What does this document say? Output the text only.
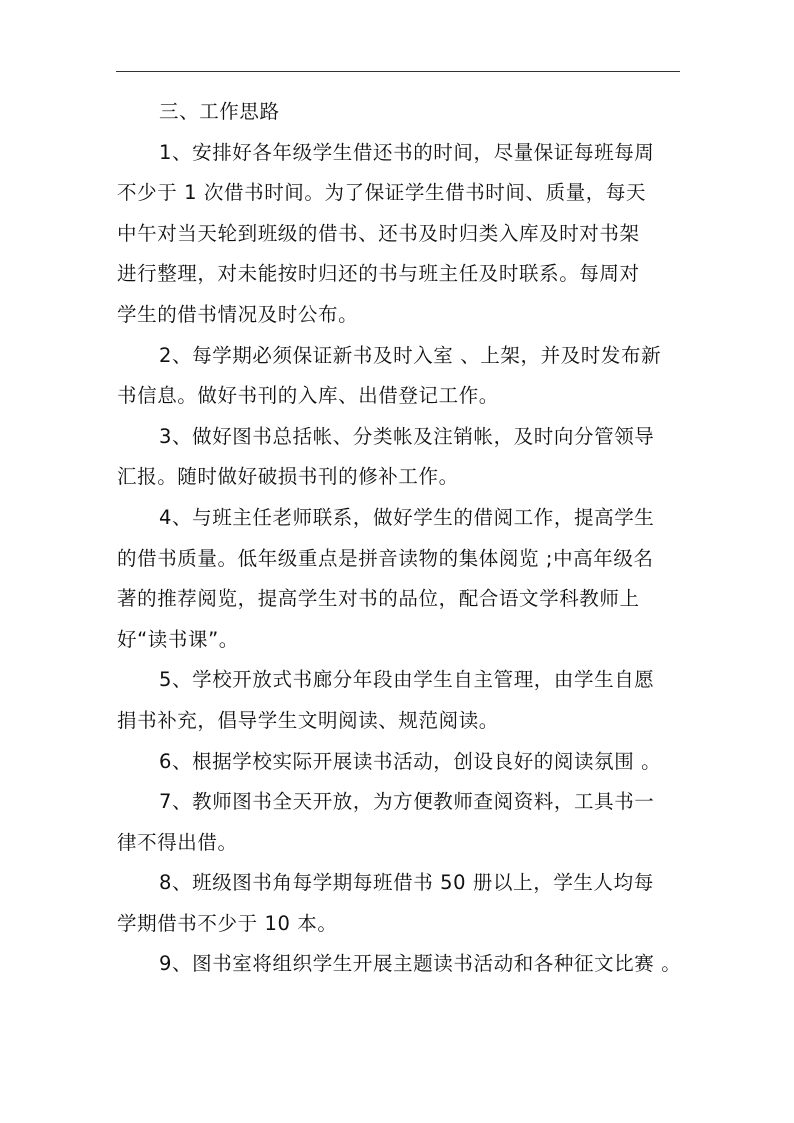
三、工作思路
1、安排好各年级学生借还书的时间，尽量保证每班每周
不少于 1 次借书时间。为了保证学生借书时间、质量，每天
中午对当天轮到班级的借书、还书及时归类入库及时对书架
进行整理，对未能按时归还的书与班主任及时联系。每周对
学生的借书情况及时公布。
2、每学期必须保证新书及时入室 、上架，并及时发布新
书信息。做好书刊的入库、出借登记工作。
3、做好图书总括帐、分类帐及注销帐，及时向分管领导
汇报。随时做好破损书刊的修补工作。
4、与班主任老师联系，做好学生的借阅工作，提高学生
的借书质量。低年级重点是拼音读物的集体阅览 ;中高年级名
著的推荐阅览，提高学生对书的品位，配合语文学科教师上
好“读书课”。
5、学校开放式书廊分年段由学生自主管理，由学生自愿
捐书补充，倡导学生文明阅读、规范阅读。
6、根据学校实际开展读书活动，创设良好的阅读氛围 。
7、教师图书全天开放，为方便教师查阅资料，工具书一
律不得出借。
8、班级图书角每学期每班借书 50 册以上，学生人均每
学期借书不少于 10 本。
9、图书室将组织学生开展主题读书活动和各种征文比赛 。
